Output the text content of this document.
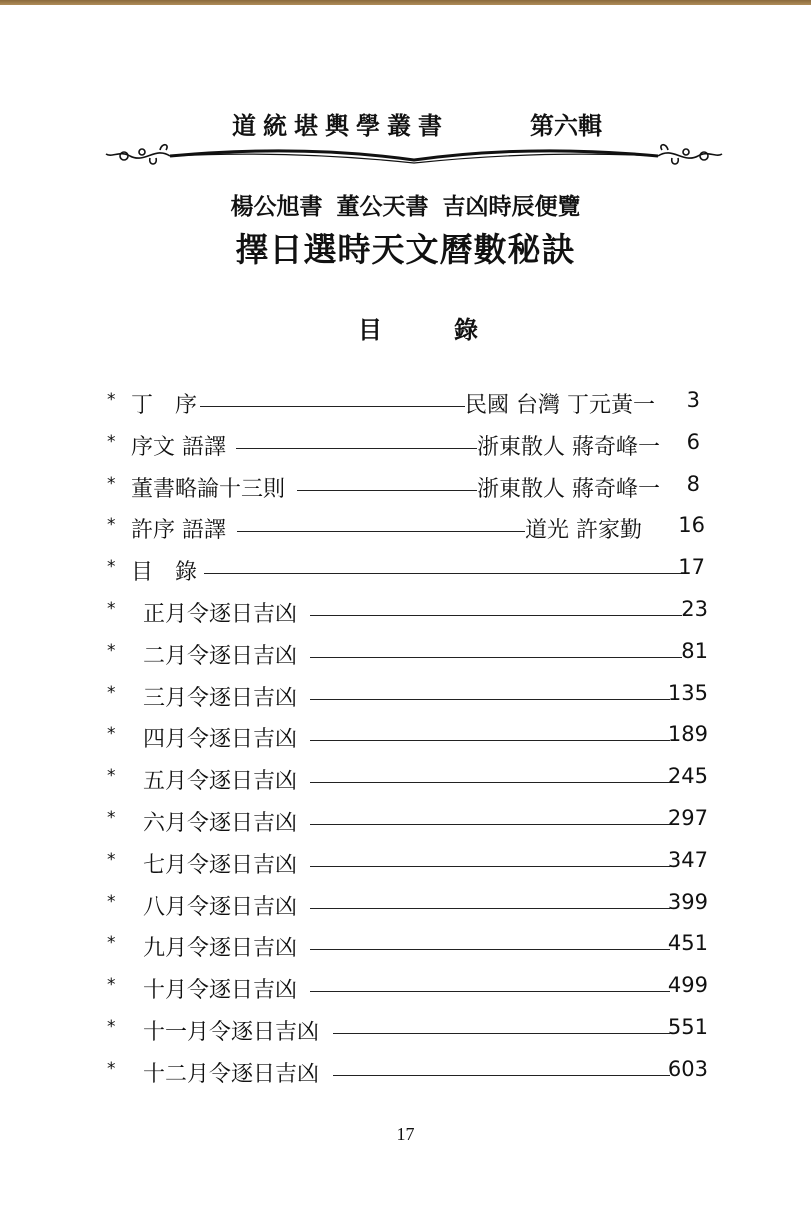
道統堪輿學叢書	第六輯
楊公旭書 董公天書 吉凶時辰便覽
擇日選時天文曆數秘訣
目	錄
* 丁　序	民國 台灣 丁元黃一 3
* 序文 語譯	浙東散人 蔣奇峰一 6
* 董書略論十三則	浙東散人 蔣奇峰一 8
* 許序 語譯	道光 許家勤 16
* 目　錄	17
* 正月令逐日吉凶	23
* 二月令逐日吉凶	81
* 三月令逐日吉凶	135
* 四月令逐日吉凶	189
* 五月令逐日吉凶	245
* 六月令逐日吉凶	297
* 七月令逐日吉凶	347
* 八月令逐日吉凶	399
* 九月令逐日吉凶	451
* 十月令逐日吉凶	499
* 十一月令逐日吉凶	551
* 十二月令逐日吉凶	603
17
